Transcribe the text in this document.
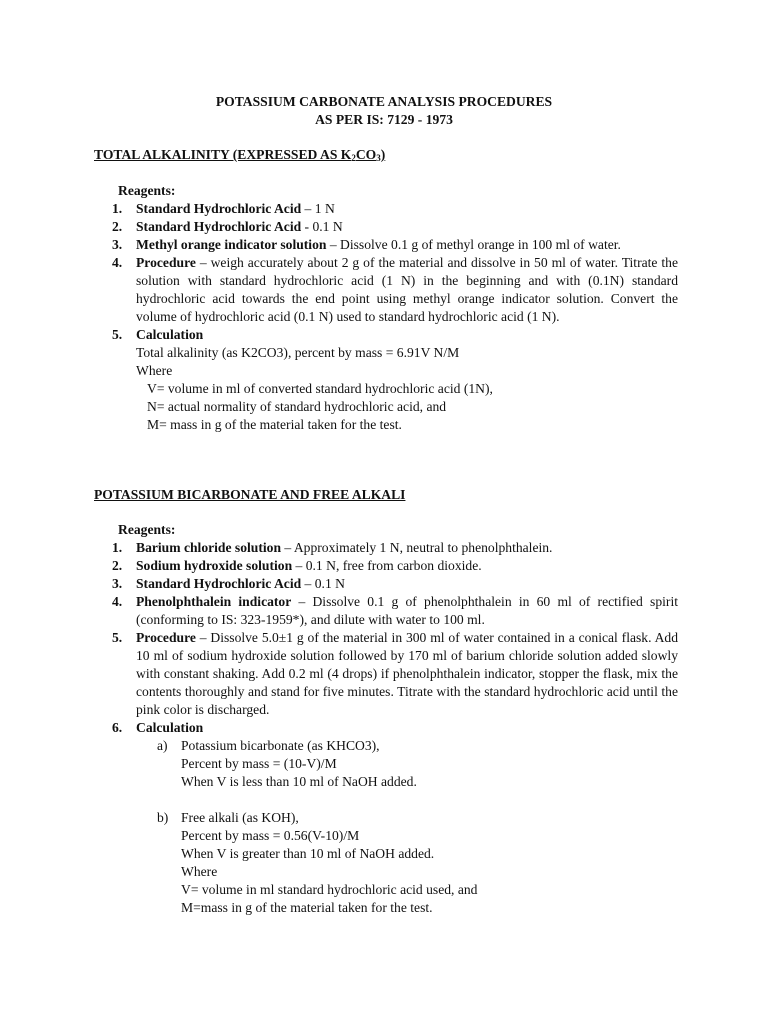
POTASSIUM CARBONATE ANALYSIS PROCEDURES
AS PER IS: 7129 - 1973
TOTAL ALKALINITY (EXPRESSED AS $K_2CO_3$)
Reagents:
1. Standard Hydrochloric Acid – 1 N
2. Standard Hydrochloric Acid - 0.1 N
3. Methyl orange indicator solution – Dissolve 0.1 g of methyl orange in 100 ml of water.
4. Procedure – weigh accurately about 2 g of the material and dissolve in 50 ml of water. Titrate the solution with standard hydrochloric acid (1 N) in the beginning and with (0.1N) standard hydrochloric acid towards the end point using methyl orange indicator solution. Convert the volume of hydrochloric acid (0.1 N) used to standard hydrochloric acid (1 N).
5. Calculation
Total alkalinity (as K2CO3), percent by mass = 6.91V N/M
Where
V= volume in ml of converted standard hydrochloric acid (1N),
N= actual normality of standard hydrochloric acid, and
M= mass in g of the material taken for the test.
POTASSIUM BICARBONATE AND FREE ALKALI
Reagents:
1. Barium chloride solution – Approximately 1 N, neutral to phenolphthalein.
2. Sodium hydroxide solution – 0.1 N, free from carbon dioxide.
3. Standard Hydrochloric Acid – 0.1 N
4. Phenolphthalein indicator – Dissolve 0.1 g of phenolphthalein in 60 ml of rectified spirit (conforming to IS: 323-1959*), and dilute with water to 100 ml.
5. Procedure – Dissolve 5.0±1 g of the material in 300 ml of water contained in a conical flask. Add 10 ml of sodium hydroxide solution followed by 170 ml of barium chloride solution added slowly with constant shaking. Add 0.2 ml (4 drops) if phenolphthalein indicator, stopper the flask, mix the contents thoroughly and stand for five minutes. Titrate with the standard hydrochloric acid until the pink color is discharged.
6. Calculation
a) Potassium bicarbonate (as KHCO3),
Percent by mass = (10-V)/M
When V is less than 10 ml of NaOH added.
b) Free alkali (as KOH),
Percent by mass = 0.56(V-10)/M
When V is greater than 10 ml of NaOH added.
Where
V= volume in ml standard hydrochloric acid used, and
M=mass in g of the material taken for the test.
